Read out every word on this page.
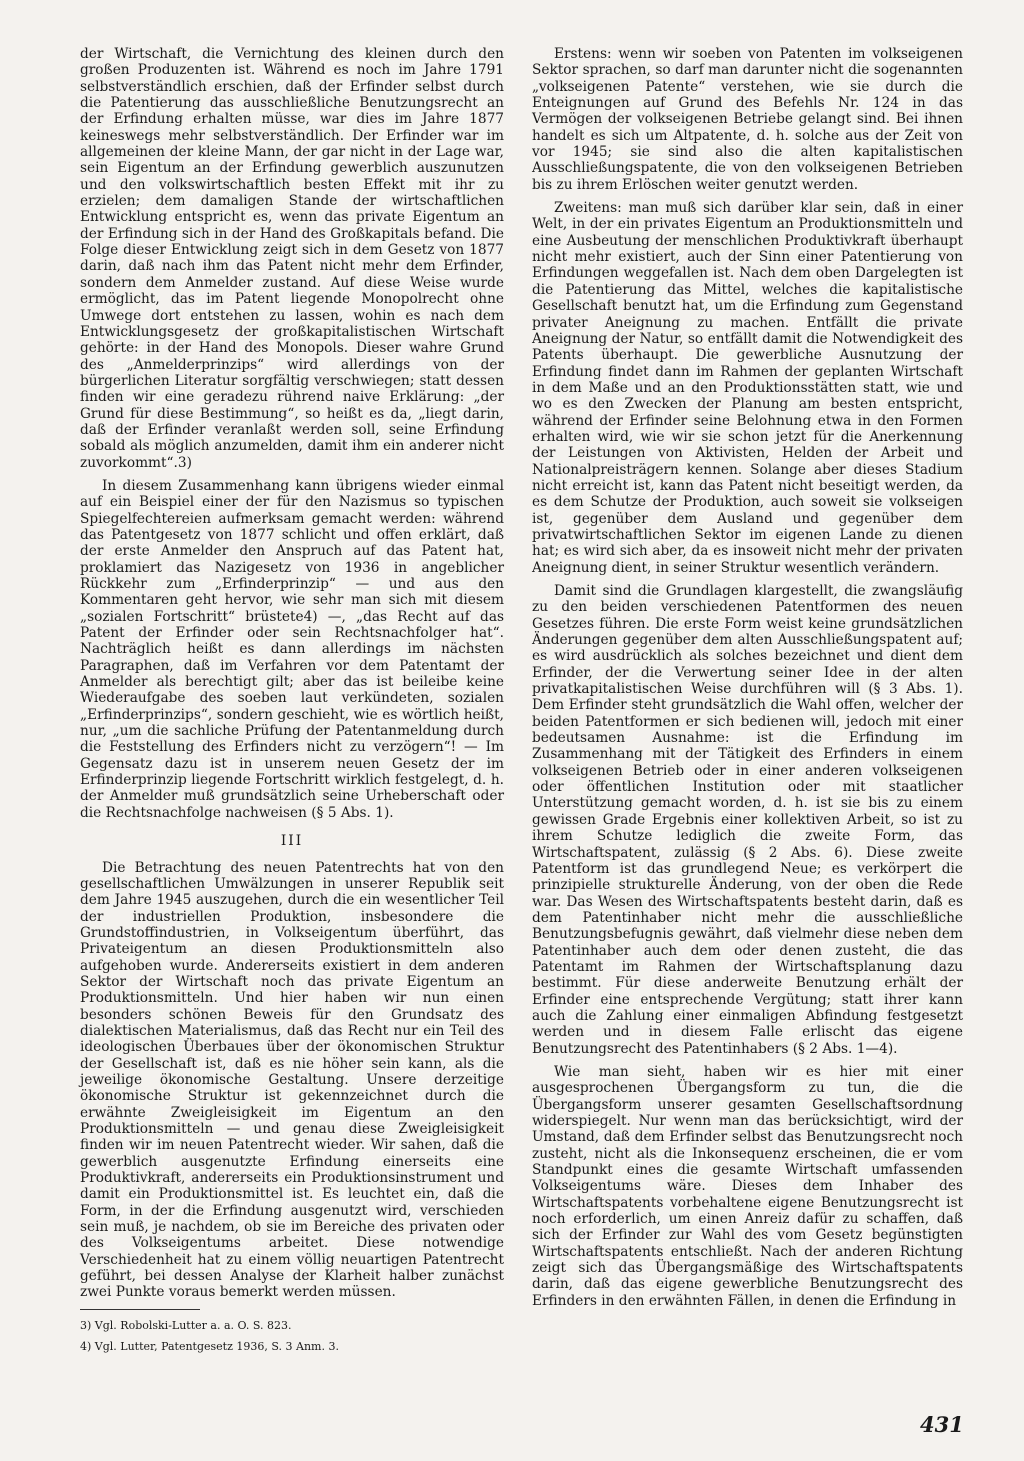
der Wirtschaft, die Vernichtung des kleinen durch den großen Produzenten ist. Während es noch im Jahre 1791 selbstverständlich erschien, daß der Erfinder selbst durch die Patentierung das ausschließliche Benutzungsrecht an der Erfindung erhalten müsse, war dies im Jahre 1877 keineswegs mehr selbstverständlich. Der Erfinder war im allgemeinen der kleine Mann, der gar nicht in der Lage war, sein Eigentum an der Erfindung gewerblich auszunutzen und den volkswirtschaftlich besten Effekt mit ihr zu erzielen; dem damaligen Stande der wirtschaftlichen Entwicklung entspricht es, wenn das private Eigentum an der Erfindung sich in der Hand des Großkapitals befand. Die Folge dieser Entwicklung zeigt sich in dem Gesetz von 1877 darin, daß nach ihm das Patent nicht mehr dem Erfinder, sondern dem Anmelder zustand. Auf diese Weise wurde ermöglicht, das im Patent liegende Monopolrecht ohne Umwege dort entstehen zu lassen, wohin es nach dem Entwicklungsgesetz der großkapitalistischen Wirtschaft gehörte: in der Hand des Monopols. Dieser wahre Grund des „Anmelderprinzips“ wird allerdings von der bürgerlichen Literatur sorgfältig verschwiegen; statt dessen finden wir eine geradezu rührend naive Erklärung: „der Grund für diese Bestimmung“, so heißt es da, „liegt darin, daß der Erfinder veranlaßt werden soll, seine Erfindung sobald als möglich anzumelden, damit ihm ein anderer nicht zuvorkommt“.3)

In diesem Zusammenhang kann übrigens wieder einmal auf ein Beispiel einer der für den Nazismus so typischen Spiegelfechtereien aufmerksam gemacht werden: während das Patentgesetz von 1877 schlicht und offen erklärt, daß der erste Anmelder den Anspruch auf das Patent hat, proklamiert das Nazigesetz von 1936 in angeblicher Rückkehr zum „Erfinderprinzip“ — und aus den Kommentaren geht hervor, wie sehr man sich mit diesem „sozialen Fortschritt“ brüstete4) —, „das Recht auf das Patent der Erfinder oder sein Rechtsnachfolger hat“. Nachträglich heißt es dann allerdings im nächsten Paragraphen, daß im Verfahren vor dem Patentamt der Anmelder als berechtigt gilt; aber das ist beileibe keine Wiederaufgabe des soeben laut verkündeten, sozialen „Erfinderprinzips“, sondern geschieht, wie es wörtlich heißt, nur, „um die sachliche Prüfung der Patentanmeldung durch die Feststellung des Erfinders nicht zu verzögern“! — Im Gegensatz dazu ist in unserem neuen Gesetz der im Erfinderprinzip liegende Fortschritt wirklich festgelegt, d. h. der Anmelder muß grundsätzlich seine Urheberschaft oder die Rechtsnachfolge nachweisen (§ 5 Abs. 1).

III

Die Betrachtung des neuen Patentrechts hat von den gesellschaftlichen Umwälzungen in unserer Republik seit dem Jahre 1945 auszugehen, durch die ein wesentlicher Teil der industriellen Produktion, insbesondere die Grundstoffindustrien, in Volkseigentum überführt, das Privateigentum an diesen Produktionsmitteln also aufgehoben wurde. Andererseits existiert in dem anderen Sektor der Wirtschaft noch das private Eigentum an Produktionsmitteln. Und hier haben wir nun einen besonders schönen Beweis für den Grundsatz des dialektischen Materialismus, daß das Recht nur ein Teil des ideologischen Überbaues über der ökonomischen Struktur der Gesellschaft ist, daß es nie höher sein kann, als die jeweilige ökonomische Gestaltung. Unsere derzeitige ökonomische Struktur ist gekennzeichnet durch die erwähnte Zweigleisigkeit im Eigentum an den Produktionsmitteln — und genau diese Zweigleisigkeit finden wir im neuen Patentrecht wieder. Wir sahen, daß die gewerblich ausgenutzte Erfindung einerseits eine Produktivkraft, andererseits ein Produktionsinstrument und damit ein Produktionsmittel ist. Es leuchtet ein, daß die Form, in der die Erfindung ausgenutzt wird, verschieden sein muß, je nachdem, ob sie im Bereiche des privaten oder des Volkseigentums arbeitet. Diese notwendige Verschiedenheit hat zu einem völlig neuartigen Patentrecht geführt, bei dessen Analyse der Klarheit halber zunächst zwei Punkte voraus bemerkt werden müssen.

3) Vgl. Robolski-Lutter a. a. O. S. 823.

4) Vgl. Lutter, Patentgesetz 1936, S. 3 Anm. 3.

Erstens: wenn wir soeben von Patenten im volkseigenen Sektor sprachen, so darf man darunter nicht die sogenannten „volkseigenen Patente“ verstehen, wie sie durch die Enteignungen auf Grund des Befehls Nr. 124 in das Vermögen der volkseigenen Betriebe gelangt sind. Bei ihnen handelt es sich um Altpatente, d. h. solche aus der Zeit von vor 1945; sie sind also die alten kapitalistischen Ausschließungspatente, die von den volkseigenen Betrieben bis zu ihrem Erlöschen weiter genutzt werden.

Zweitens: man muß sich darüber klar sein, daß in einer Welt, in der ein privates Eigentum an Produktionsmitteln und eine Ausbeutung der menschlichen Produktivkraft überhaupt nicht mehr existiert, auch der Sinn einer Patentierung von Erfindungen weggefallen ist. Nach dem oben Dargelegten ist die Patentierung das Mittel, welches die kapitalistische Gesellschaft benutzt hat, um die Erfindung zum Gegenstand privater Aneignung zu machen. Entfällt die private Aneignung der Natur, so entfällt damit die Notwendigkeit des Patents überhaupt. Die gewerbliche Ausnutzung der Erfindung findet dann im Rahmen der geplanten Wirtschaft in dem Maße und an den Produktionsstätten statt, wie und wo es den Zwecken der Planung am besten entspricht, während der Erfinder seine Belohnung etwa in den Formen erhalten wird, wie wir sie schon jetzt für die Anerkennung der Leistungen von Aktivisten, Helden der Arbeit und Nationalpreisträgern kennen. Solange aber dieses Stadium nicht erreicht ist, kann das Patent nicht beseitigt werden, da es dem Schutze der Produktion, auch soweit sie volkseigen ist, gegenüber dem Ausland und gegenüber dem privatwirtschaftlichen Sektor im eigenen Lande zu dienen hat; es wird sich aber, da es insoweit nicht mehr der privaten Aneignung dient, in seiner Struktur wesentlich verändern.

Damit sind die Grundlagen klargestellt, die zwangsläufig zu den beiden verschiedenen Patentformen des neuen Gesetzes führen. Die erste Form weist keine grundsätzlichen Änderungen gegenüber dem alten Ausschließungspatent auf; es wird ausdrücklich als solches bezeichnet und dient dem Erfinder, der die Verwertung seiner Idee in der alten privatkapitalistischen Weise durchführen will (§ 3 Abs. 1). Dem Erfinder steht grundsätzlich die Wahl offen, welcher der beiden Patentformen er sich bedienen will, jedoch mit einer bedeutsamen Ausnahme: ist die Erfindung im Zusammenhang mit der Tätigkeit des Erfinders in einem volkseigenen Betrieb oder in einer anderen volkseigenen oder öffentlichen Institution oder mit staatlicher Unterstützung gemacht worden, d. h. ist sie bis zu einem gewissen Grade Ergebnis einer kollektiven Arbeit, so ist zu ihrem Schutze lediglich die zweite Form, das Wirtschaftspatent, zulässig (§ 2 Abs. 6). Diese zweite Patentform ist das grundlegend Neue; es verkörpert die prinzipielle strukturelle Änderung, von der oben die Rede war. Das Wesen des Wirtschaftspatents besteht darin, daß es dem Patentinhaber nicht mehr die ausschließliche Benutzungsbefugnis gewährt, daß vielmehr diese neben dem Patentinhaber auch dem oder denen zusteht, die das Patentamt im Rahmen der Wirtschaftsplanung dazu bestimmt. Für diese anderweite Benutzung erhält der Erfinder eine entsprechende Vergütung; statt ihrer kann auch die Zahlung einer einmaligen Abfindung festgesetzt werden und in diesem Falle erlischt das eigene Benutzungsrecht des Patentinhabers (§ 2 Abs. 1—4).

Wie man sieht, haben wir es hier mit einer ausgesprochenen Übergangsform zu tun, die die Übergangsform unserer gesamten Gesellschaftsordnung widerspiegelt. Nur wenn man das berücksichtigt, wird der Umstand, daß dem Erfinder selbst das Benutzungsrecht noch zusteht, nicht als die Inkonsequenz erscheinen, die er vom Standpunkt eines die gesamte Wirtschaft umfassenden Volkseigentums wäre. Dieses dem Inhaber des Wirtschaftspatents vorbehaltene eigene Benutzungsrecht ist noch erforderlich, um einen Anreiz dafür zu schaffen, daß sich der Erfinder zur Wahl des vom Gesetz begünstigten Wirtschaftspatents entschließt. Nach der anderen Richtung zeigt sich das Übergangsmäßige des Wirtschaftspatents darin, daß das eigene gewerbliche Benutzungsrecht des Erfinders in den erwähnten Fällen, in denen die Erfindung in

431
